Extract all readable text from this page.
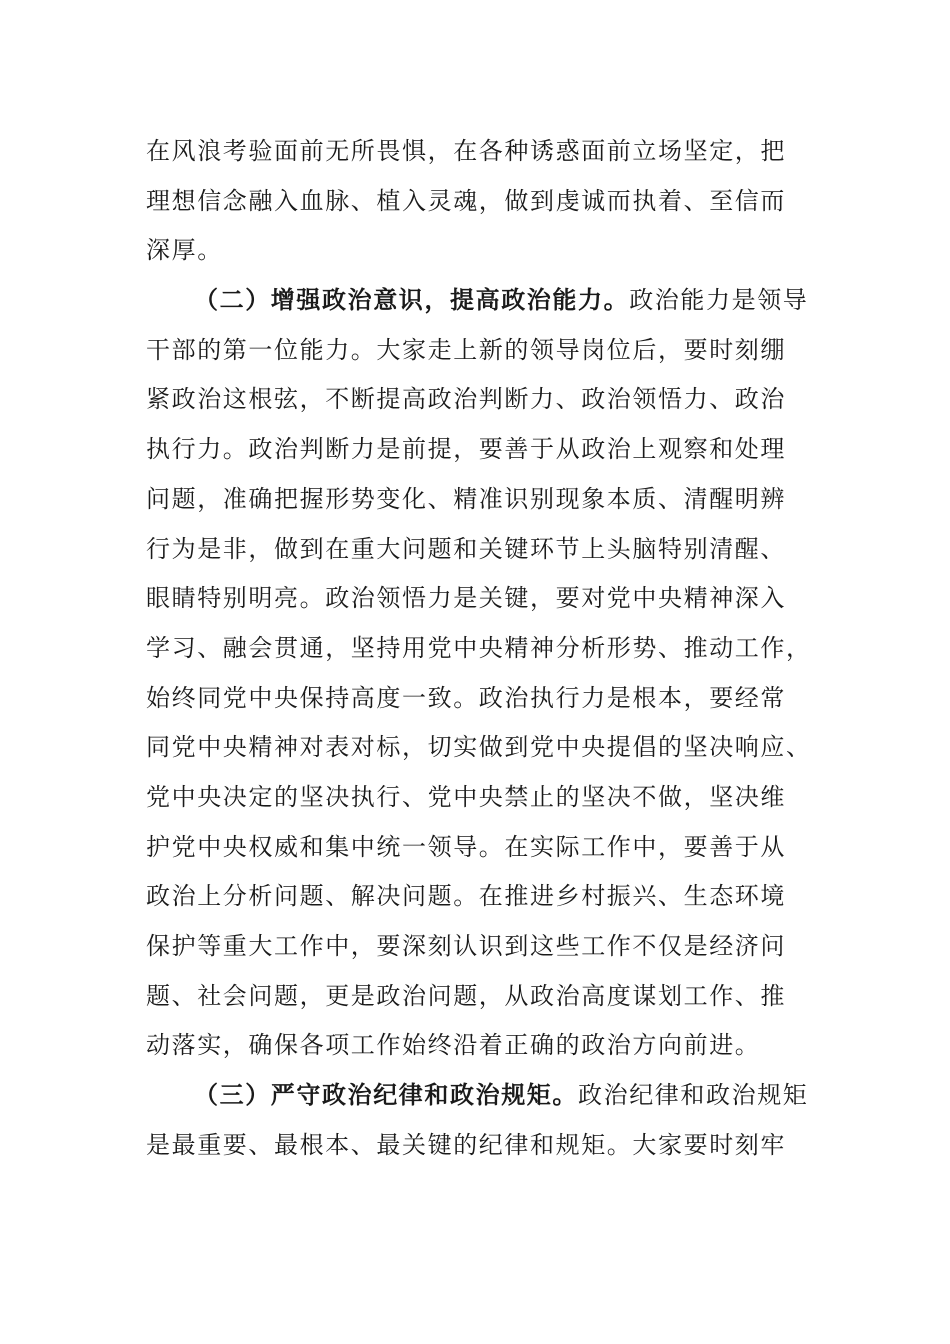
在风浪考验面前无所畏惧，在各种诱惑面前立场坚定，把
理想信念融入血脉、植入灵魂，做到虔诚而执着、至信而
深厚。
（二）增强政治意识，提高政治能力。政治能力是领导
干部的第一位能力。大家走上新的领导岗位后，要时刻绷
紧政治这根弦，不断提高政治判断力、政治领悟力、政治
执行力。政治判断力是前提，要善于从政治上观察和处理
问题，准确把握形势变化、精准识别现象本质、清醒明辨
行为是非，做到在重大问题和关键环节上头脑特别清醒、
眼睛特别明亮。政治领悟力是关键，要对党中央精神深入
学习、融会贯通，坚持用党中央精神分析形势、推动工作，
始终同党中央保持高度一致。政治执行力是根本，要经常
同党中央精神对表对标，切实做到党中央提倡的坚决响应、
党中央决定的坚决执行、党中央禁止的坚决不做，坚决维
护党中央权威和集中统一领导。在实际工作中，要善于从
政治上分析问题、解决问题。在推进乡村振兴、生态环境
保护等重大工作中，要深刻认识到这些工作不仅是经济问
题、社会问题，更是政治问题，从政治高度谋划工作、推
动落实，确保各项工作始终沿着正确的政治方向前进。
（三）严守政治纪律和政治规矩。政治纪律和政治规矩
是最重要、最根本、最关键的纪律和规矩。大家要时刻牢
